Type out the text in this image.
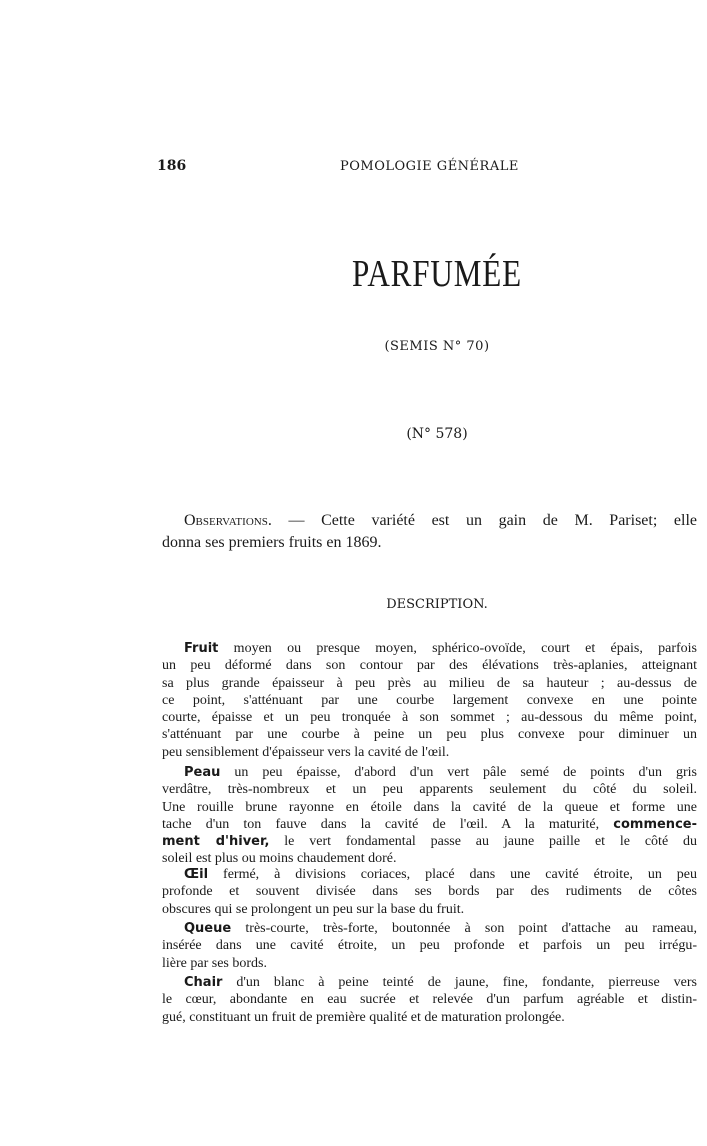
186	POMOLOGIE GÉNÉRALE
PARFUMÉE
(SEMIS N° 70)
(N° 578)
Observations. — Cette variété est un gain de M. Pariset; elle
donna ses premiers fruits en 1869.
DESCRIPTION.
Fruit moyen ou presque moyen, sphérico-ovoïde, court et épais, parfois
un peu déformé dans son contour par des élévations très-aplanies, atteignant
sa plus grande épaisseur à peu près au milieu de sa hauteur ; au-dessus de
ce point, s'atténuant par une courbe largement convexe en une pointe
courte, épaisse et un peu tronquée à son sommet ; au-dessous du même point,
s'atténuant par une courbe à peine un peu plus convexe pour diminuer un
peu sensiblement d'épaisseur vers la cavité de l'œil.
Peau un peu épaisse, d'abord d'un vert pâle semé de points d'un gris
verdâtre, très-nombreux et un peu apparents seulement du côté du soleil.
Une rouille brune rayonne en étoile dans la cavité de la queue et forme une
tache d'un ton fauve dans la cavité de l'œil. A la maturité, commence-
ment d'hiver, le vert fondamental passe au jaune paille et le côté du
soleil est plus ou moins chaudement doré.
Œil fermé, à divisions coriaces, placé dans une cavité étroite, un peu
profonde et souvent divisée dans ses bords par des rudiments de côtes
obscures qui se prolongent un peu sur la base du fruit.
Queue très-courte, très-forte, boutonnée à son point d'attache au rameau,
insérée dans une cavité étroite, un peu profonde et parfois un peu irrégu-
lière par ses bords.
Chair d'un blanc à peine teinté de jaune, fine, fondante, pierreuse vers
le cœur, abondante en eau sucrée et relevée d'un parfum agréable et distin-
gué, constituant un fruit de première qualité et de maturation prolongée.
